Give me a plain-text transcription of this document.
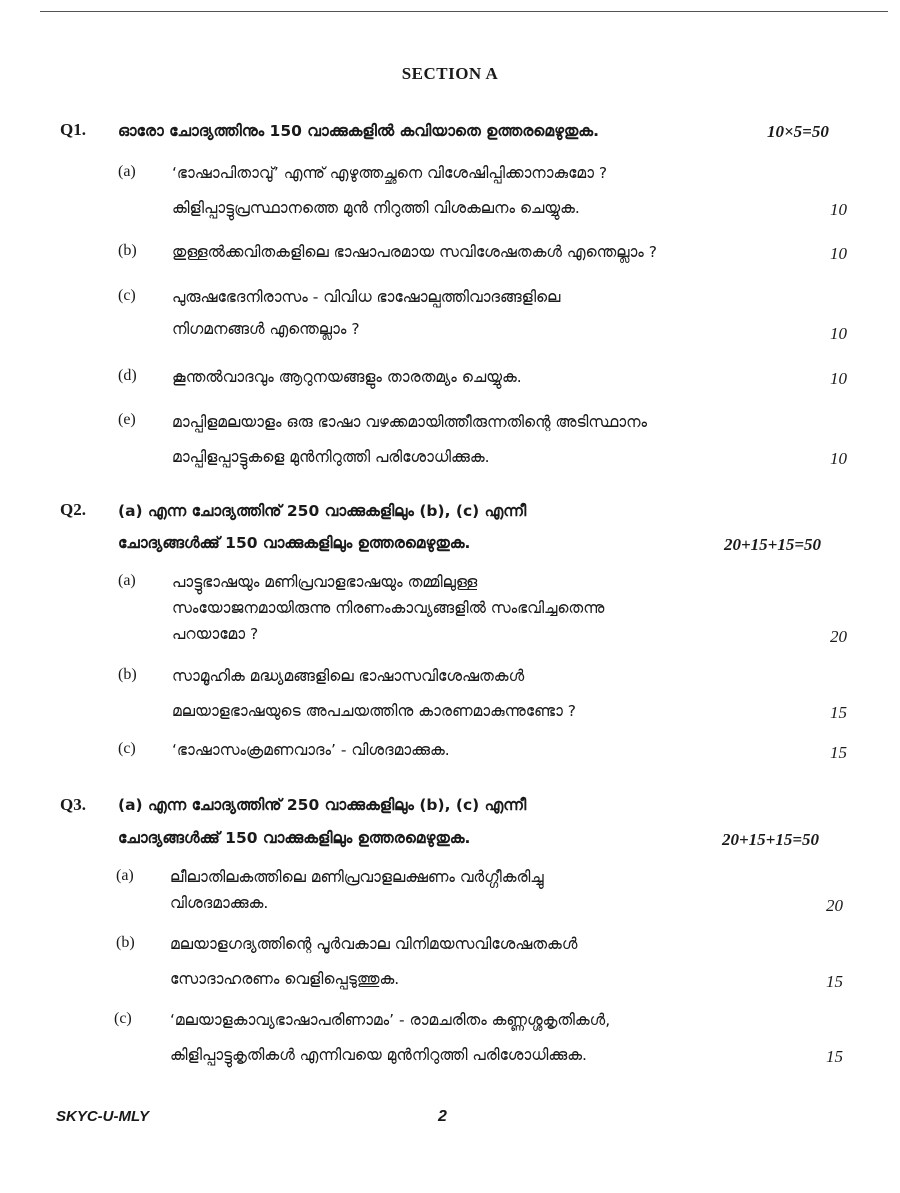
SECTION A
Q1. ഓരോ ചോദ്യത്തിനും 150 വാക്കുകളിൽ കവിയാതെ ഉത്തരമെഴുതുക.	10×5=50
(a) ‘ഭാഷാപിതാവു്’ എന്നു് എഴുത്തച്ഛനെ വിശേഷിപ്പിക്കാനാകുമോ ?
കിളിപ്പാട്ടുപ്രസ്ഥാനത്തെ മുൻ നിറുത്തി വിശകലനം ചെയ്യുക.	10
(b) തുള്ളൽക്കവിതകളിലെ ഭാഷാപരമായ സവിശേഷതകൾ എന്തെല്ലാം ?	10
(c) പുരുഷഭേദനിരാസം - വിവിധ ഭാഷോല്പത്തിവാദങ്ങളിലെ
നിഗമനങ്ങൾ എന്തെല്ലാം ?	10
(d) കൂന്തൽവാദവും ആറുനയങ്ങളും താരതമ്യം ചെയ്യുക.	10
(e) മാപ്പിളമലയാളം ഒരു ഭാഷാ വഴക്കമായിത്തീരുന്നതിന്റെ അടിസ്ഥാനം
മാപ്പിളപ്പാട്ടുകളെ മുൻനിറുത്തി പരിശോധിക്കുക.	10
Q2. (a) എന്ന ചോദ്യത്തിനു് 250 വാക്കുകളിലും (b), (c) എന്നീ
ചോദ്യങ്ങൾക്കു് 150 വാക്കുകളിലും ഉത്തരമെഴുതുക.	20+15+15=50
(a) പാട്ടുഭാഷയും മണിപ്രവാളഭാഷയും തമ്മിലുള്ള
സംയോജനമായിരുന്നു നിരണംകാവ്യങ്ങളിൽ സംഭവിച്ചതെന്നു
പറയാമോ ?	20
(b) സാമൂഹിക മദ്ധ്യമങ്ങളിലെ ഭാഷാസവിശേഷതകൾ
മലയാളഭാഷയുടെ അപചയത്തിനു കാരണമാകുന്നുണ്ടോ ?	15
(c) ‘ഭാഷാസംക്രമണവാദം’ - വിശദമാക്കുക.	15
Q3. (a) എന്ന ചോദ്യത്തിനു് 250 വാക്കുകളിലും (b), (c) എന്നീ
ചോദ്യങ്ങൾക്കു് 150 വാക്കുകളിലും ഉത്തരമെഴുതുക.	20+15+15=50
(a) ലീലാതിലകത്തിലെ മണിപ്രവാളലക്ഷണം വർഗ്ഗീകരിച്ചു
വിശദമാക്കുക.	20
(b) മലയാളഗദ്യത്തിന്റെ പൂർവകാല വിനിമയസവിശേഷതകൾ
സോദാഹരണം വെളിപ്പെടുത്തുക.	15
(c) ‘മലയാളകാവ്യഭാഷാപരിണാമം’ - രാമചരിതം കണ്ണശ്ശകൃതികൾ,
കിളിപ്പാട്ടുകൃതികൾ എന്നിവയെ മുൻനിറുത്തി പരിശോധിക്കുക.	15
SKYC-U-MLY	2
